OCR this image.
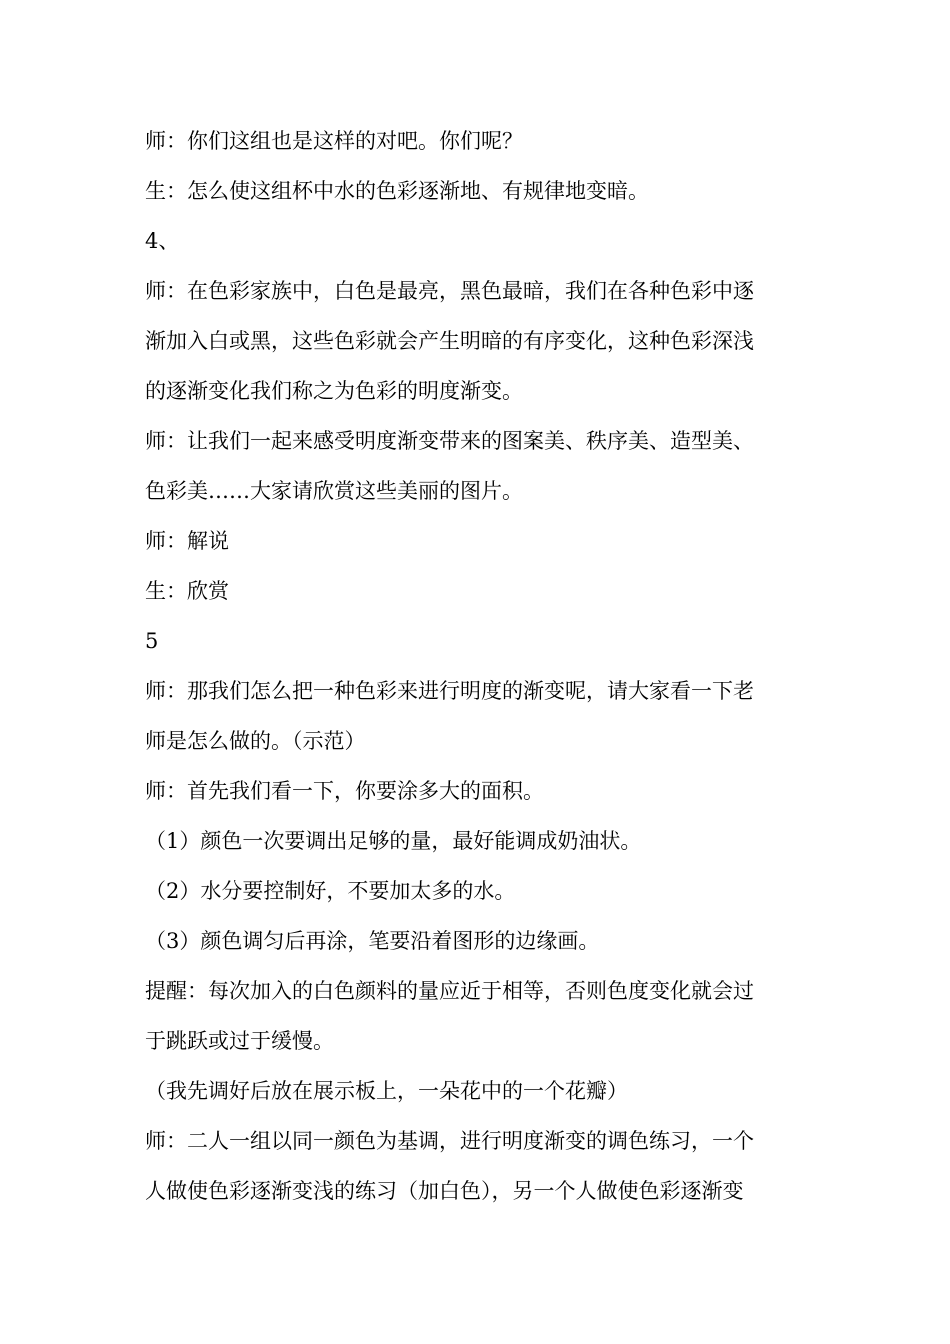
师：你们这组也是这样的对吧。你们呢？

生：怎么使这组杯中水的色彩逐渐地、有规律地变暗。

4、

师：在色彩家族中，白色是最亮，黑色最暗，我们在各种色彩中逐

渐加入白或黑，这些色彩就会产生明暗的有序变化，这种色彩深浅

的逐渐变化我们称之为色彩的明度渐变。

师：让我们一起来感受明度渐变带来的图案美、秩序美、造型美、

色彩美……大家请欣赏这些美丽的图片。

师：解说

生：欣赏

5

师：那我们怎么把一种色彩来进行明度的渐变呢，请大家看一下老

师是怎么做的。（示范）

师：首先我们看一下，你要涂多大的面积。

（1）颜色一次要调出足够的量，最好能调成奶油状。

（2）水分要控制好，不要加太多的水。

（3）颜色调匀后再涂，笔要沿着图形的边缘画。

提醒：每次加入的白色颜料的量应近于相等，否则色度变化就会过

于跳跃或过于缓慢。

（我先调好后放在展示板上，一朵花中的一个花瓣）

师：二人一组以同一颜色为基调，进行明度渐变的调色练习，一个

人做使色彩逐渐变浅的练习（加白色），另一个人做使色彩逐渐变
